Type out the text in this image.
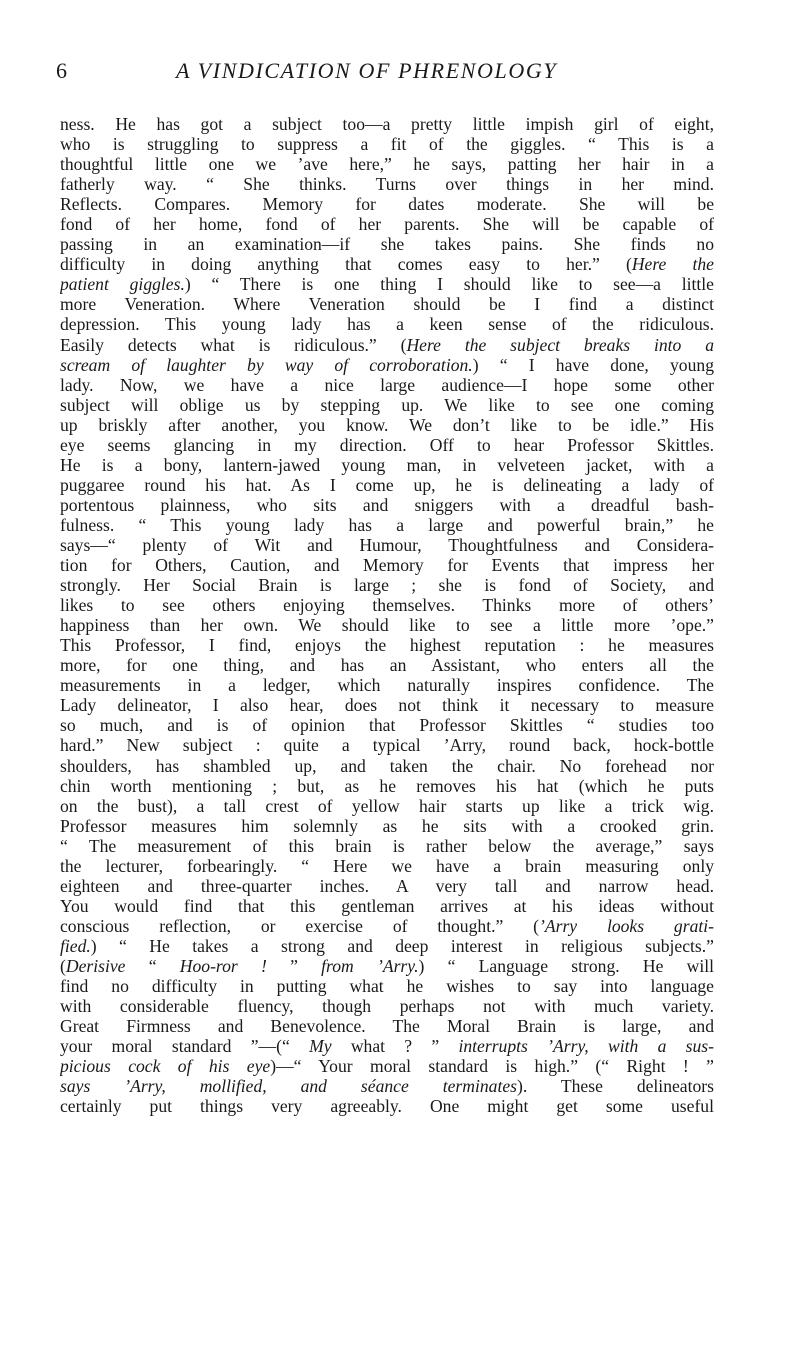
6	A VINDICATION OF PHRENOLOGY
ness. He has got a subject too—a pretty little impish girl of eight,
who is struggling to suppress a fit of the giggles. “ This is a
thoughtful little one we ’ave here,” he says, patting her hair in a
fatherly way. “ She thinks. Turns over things in her mind.
Reflects. Compares. Memory for dates moderate. She will be
fond of her home, fond of her parents. She will be capable of
passing in an examination—if she takes pains. She finds no
difficulty in doing anything that comes easy to her.” (Here the
patient giggles.) “ There is one thing I should like to see—a little
more Veneration. Where Veneration should be I find a distinct
depression. This young lady has a keen sense of the ridiculous.
Easily detects what is ridiculous.” (Here the subject breaks into a
scream of laughter by way of corroboration.) “ I have done, young
lady. Now, we have a nice large audience—I hope some other
subject will oblige us by stepping up. We like to see one coming
up briskly after another, you know. We don’t like to be idle.” His
eye seems glancing in my direction. Off to hear Professor Skittles.
He is a bony, lantern-jawed young man, in velveteen jacket, with a
puggaree round his hat. As I come up, he is delineating a lady of
portentous plainness, who sits and sniggers with a dreadful bash-
fulness. “ This young lady has a large and powerful brain,” he
says—“ plenty of Wit and Humour, Thoughtfulness and Considera-
tion for Others, Caution, and Memory for Events that impress her
strongly. Her Social Brain is large ; she is fond of Society, and
likes to see others enjoying themselves. Thinks more of others’
happiness than her own. We should like to see a little more ’ope.”
This Professor, I find, enjoys the highest reputation : he measures
more, for one thing, and has an Assistant, who enters all the
measurements in a ledger, which naturally inspires confidence. The
Lady delineator, I also hear, does not think it necessary to measure
so much, and is of opinion that Professor Skittles “ studies too
hard.” New subject : quite a typical ’Arry, round back, hock-bottle
shoulders, has shambled up, and taken the chair. No forehead nor
chin worth mentioning ; but, as he removes his hat (which he puts
on the bust), a tall crest of yellow hair starts up like a trick wig.
Professor measures him solemnly as he sits with a crooked grin.
“ The measurement of this brain is rather below the average,” says
the lecturer, forbearingly. “ Here we have a brain measuring only
eighteen and three-quarter inches. A very tall and narrow head.
You would find that this gentleman arrives at his ideas without
conscious reflection, or exercise of thought.” (’Arry looks grati-
fied.) “ He takes a strong and deep interest in religious subjects.”
(Derisive “ Hoo-ror ! ” from ’Arry.) “ Language strong. He will
find no difficulty in putting what he wishes to say into language
with considerable fluency, though perhaps not with much variety.
Great Firmness and Benevolence. The Moral Brain is large, and
your moral standard ”—(“ My what ? ” interrupts ’Arry, with a sus-
picious cock of his eye)—“ Your moral standard is high.” (“ Right ! ”
says ’Arry, mollified, and séance terminates). These delineators
certainly put things very agreeably. One might get some useful
